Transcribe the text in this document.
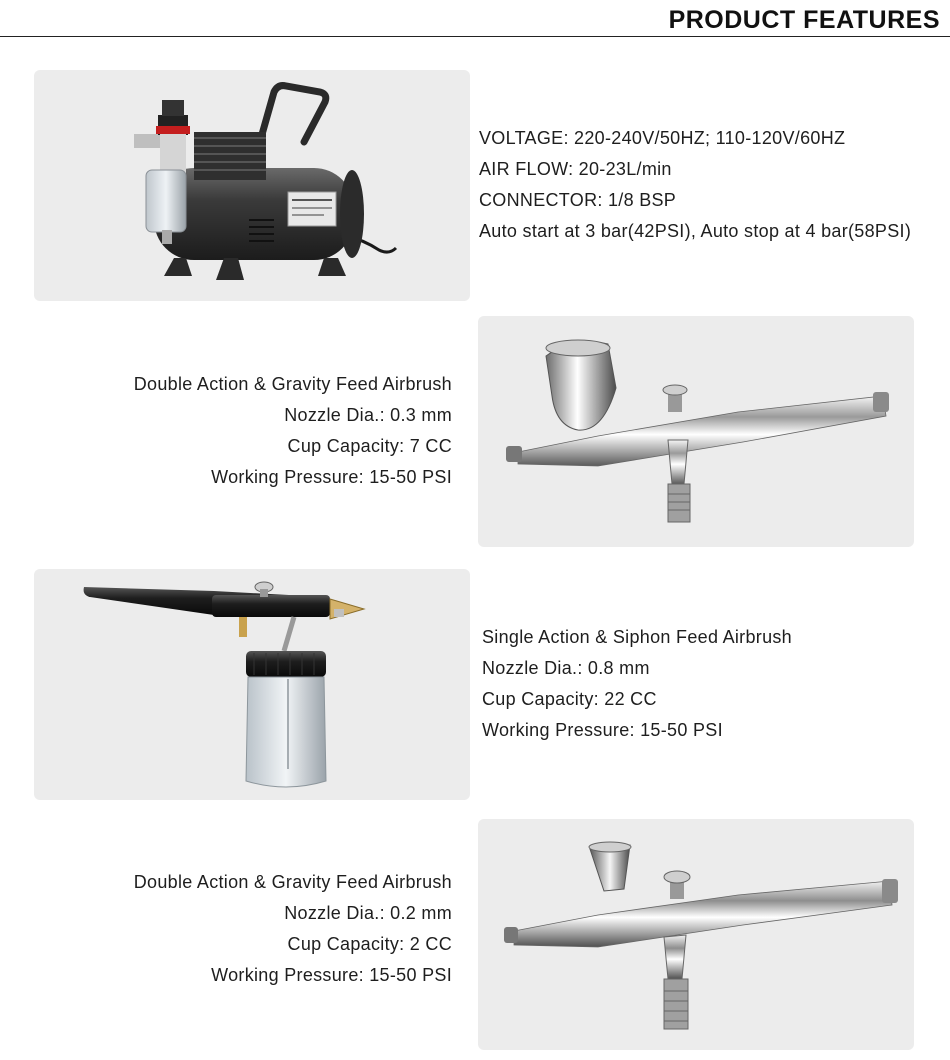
PRODUCT FEATURES
VOLTAGE: 220-240V/50HZ; 110-120V/60HZ
AIR FLOW: 20-23L/min
CONNECTOR: 1/8 BSP
Auto start at 3 bar(42PSI), Auto stop at 4 bar(58PSI)
Double Action & Gravity Feed Airbrush
Nozzle Dia.: 0.3 mm
Cup Capacity: 7 CC
Working Pressure: 15-50 PSI
Single Action & Siphon Feed Airbrush
Nozzle Dia.: 0.8 mm
Cup Capacity: 22 CC
Working Pressure: 15-50 PSI
Double Action & Gravity Feed Airbrush
Nozzle Dia.: 0.2 mm
Cup Capacity: 2 CC
Working Pressure: 15-50 PSI
